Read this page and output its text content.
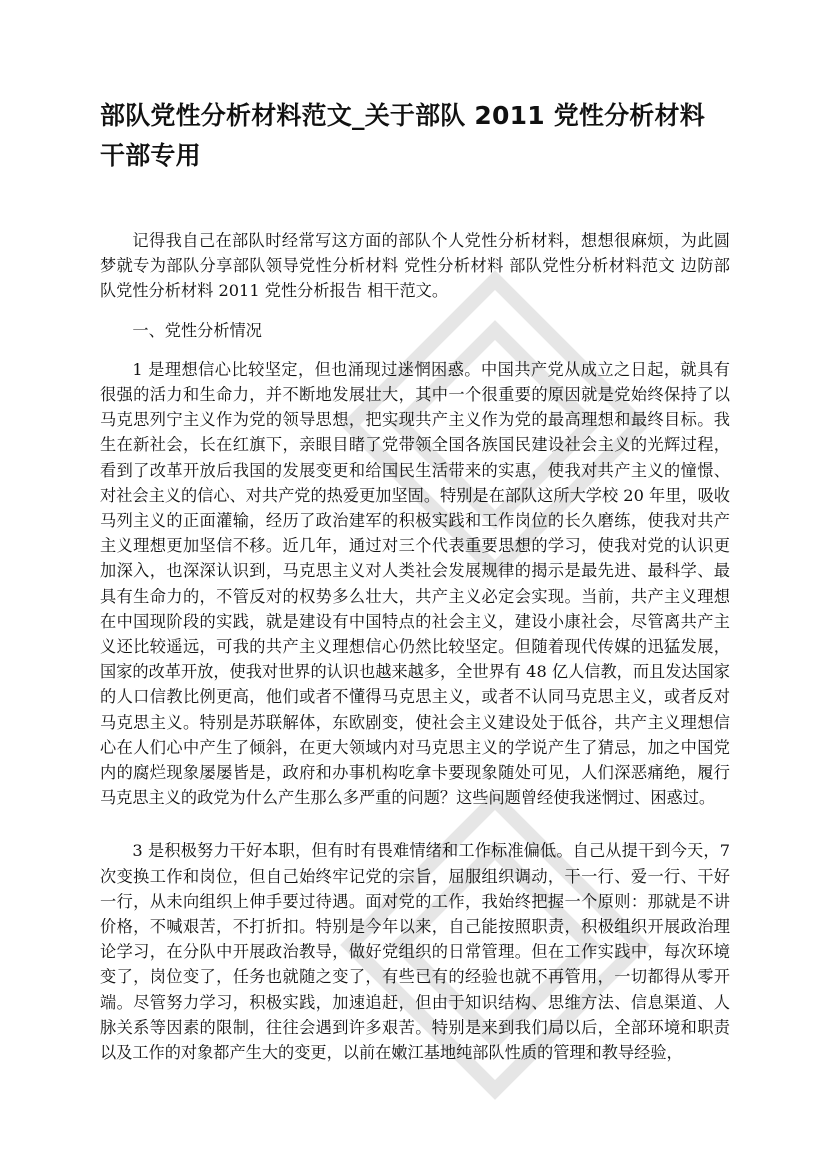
部队党性分析材料范文_关于部队 2011 党性分析材料干部专用

记得我自己在部队时经常写这方面的部队个人党性分析材料，想想很麻烦，为此圆梦就专为部队分享部队领导党性分析材料 党性分析材料 部队党性分析材料范文 边防部队党性分析材料 2011 党性分析报告 相干范文。

一、党性分析情况

1 是理想信心比较坚定，但也涌现过迷惘困惑。中国共产党从成立之日起，就具有很强的活力和生命力，并不断地发展壮大，其中一个很重要的原因就是党始终保持了以马克思列宁主义作为党的领导思想，把实现共产主义作为党的最高理想和最终目标。我生在新社会，长在红旗下，亲眼目睹了党带领全国各族国民建设社会主义的光辉过程，看到了改革开放后我国的发展变更和给国民生活带来的实惠，使我对共产主义的憧憬、对社会主义的信心、对共产党的热爱更加坚固。特别是在部队这所大学校 20 年里，吸收马列主义的正面灌输，经历了政治建军的积极实践和工作岗位的长久磨练，使我对共产主义理想更加坚信不移。近几年，通过对三个代表重要思想的学习，使我对党的认识更加深入，也深深认识到，马克思主义对人类社会发展规律的揭示是最先进、最科学、最具有生命力的，不管反对的权势多么壮大，共产主义必定会实现。当前，共产主义理想在中国现阶段的实践，就是建设有中国特点的社会主义，建设小康社会，尽管离共产主义还比较遥远，可我的共产主义理想信心仍然比较坚定。但随着现代传媒的迅猛发展，国家的改革开放，使我对世界的认识也越来越多，全世界有 48 亿人信教，而且发达国家的人口信教比例更高，他们或者不懂得马克思主义，或者不认同马克思主义，或者反对马克思主义。特别是苏联解体，东欧剧变，使社会主义建设处于低谷，共产主义理想信心在人们心中产生了倾斜，在更大领域内对马克思主义的学说产生了猜忌，加之中国党内的腐烂现象屡屡皆是，政府和办事机构吃拿卡要现象随处可见，人们深恶痛绝，履行马克思主义的政党为什么产生那么多严重的问题？这些问题曾经使我迷惘过、困惑过。

3 是积极努力干好本职，但有时有畏难情绪和工作标准偏低。自己从提干到今天，7 次变换工作和岗位，但自己始终牢记党的宗旨，屈服组织调动，干一行、爱一行、干好一行，从未向组织上伸手要过待遇。面对党的工作，我始终把握一个原则：那就是不讲价格，不喊艰苦，不打折扣。特别是今年以来，自己能按照职责，积极组织开展政治理论学习，在分队中开展政治教导，做好党组织的日常管理。但在工作实践中，每次环境变了，岗位变了，任务也就随之变了，有些已有的经验也就不再管用，一切都得从零开端。尽管努力学习，积极实践，加速追赶，但由于知识结构、思维方法、信息渠道、人脉关系等因素的限制，往往会遇到许多艰苦。特别是来到我们局以后，全部环境和职责以及工作的对象都产生大的变更，以前在嫩江基地纯部队性质的管理和教导经验，
